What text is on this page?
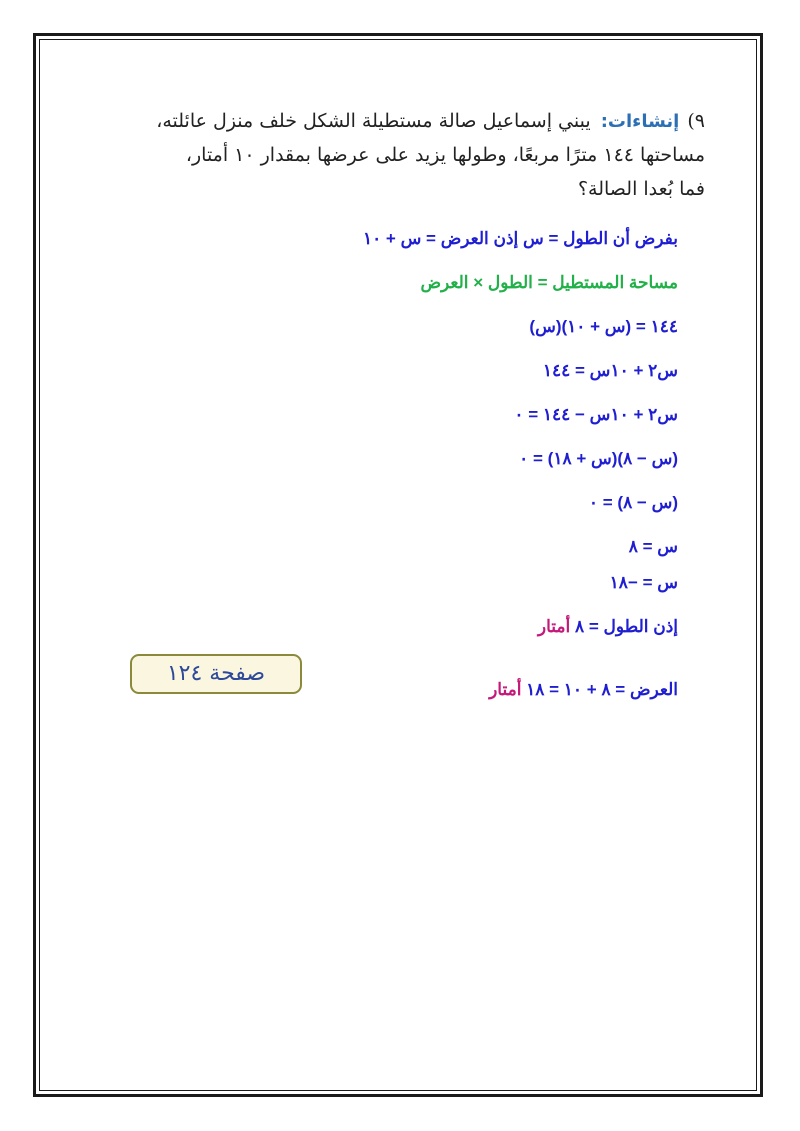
٩)إنشاءات: يبني إسماعيل صالة مستطيلة الشكل خلف منزل عائلته،
مساحتها ١٤٤ مترًا مربعًا، وطولها يزيد على عرضها بمقدار ١٠ أمتار،
فما بُعدا الصالة؟
بفرض أن الطول = س إذن العرض = س + ١٠
مساحة المستطيل = الطول × العرض
١٤٤ = (س + ١٠)(س)
س٢ + ١٠س = ١٤٤
س٢ + ١٠س − ١٤٤ = ٠
(س − ٨)(س + ١٨) = ٠
(س − ٨) = ٠
س = ٨
س = −١٨
إذن الطول = ٨ أمتار
العرض = ٨ + ١٠ = ١٨ أمتار
صفحة ١٢٤
